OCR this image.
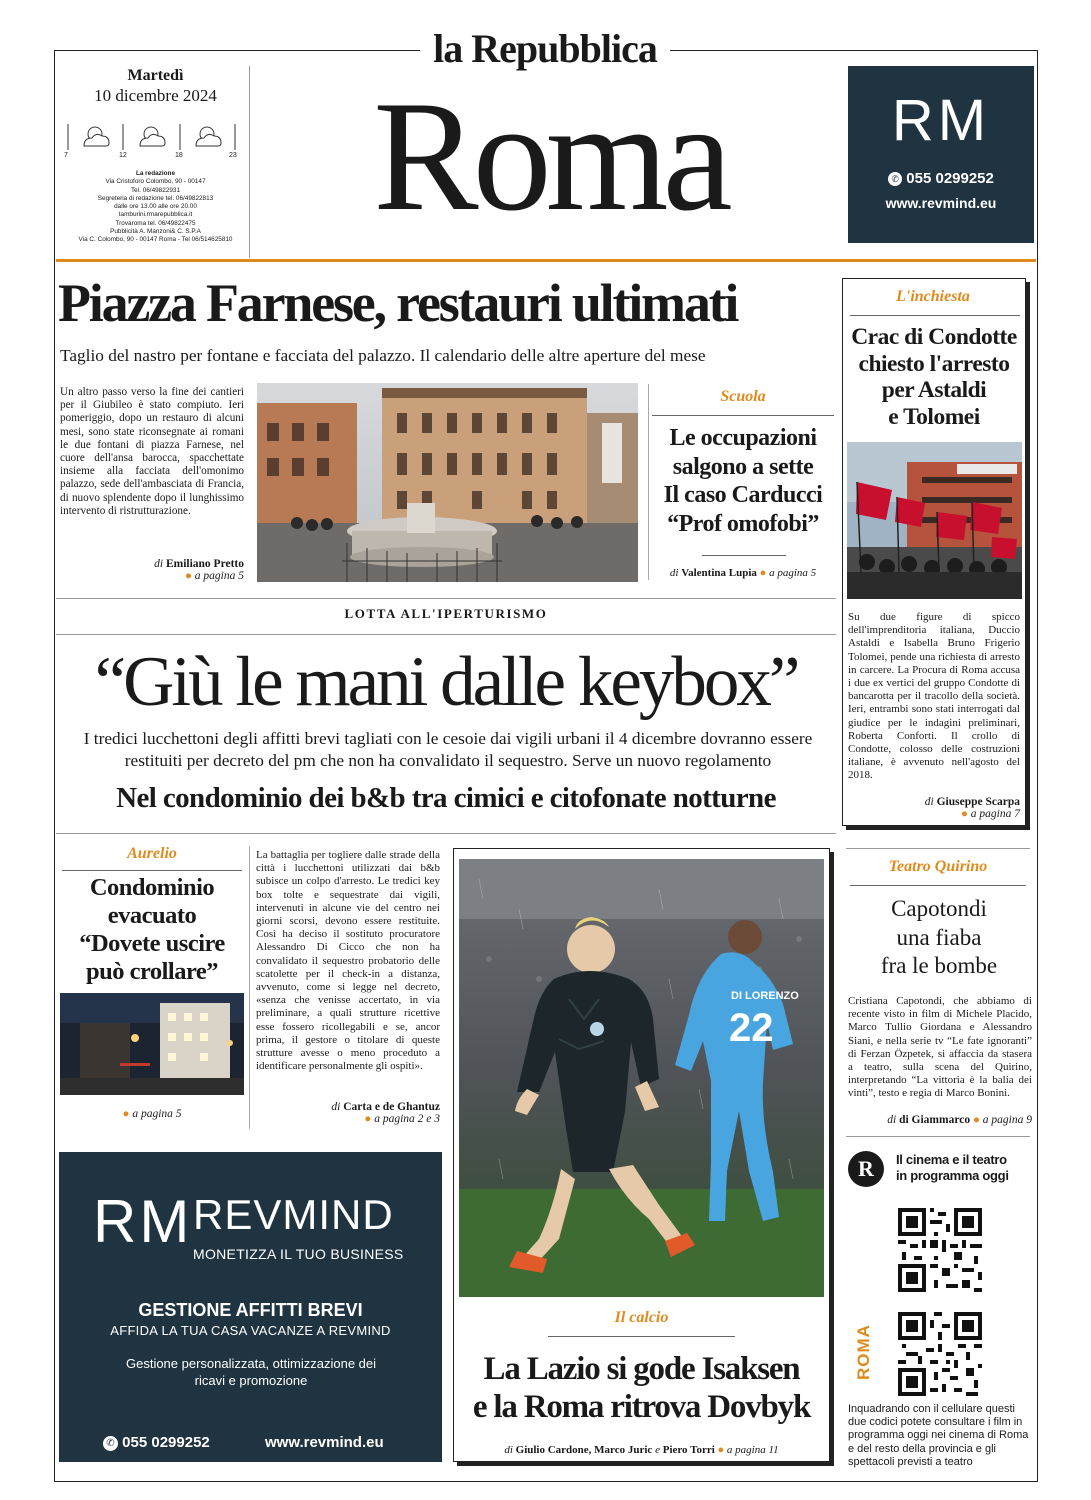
la Repubblica
Martedì
10 dicembre 2024
7	12	18	23
La redazione
Via Cristoforo Colombo, 90 - 00147
Tel. 06/49822931
Segreteria di redazione tel. 06/49822813
dalle ore 13.00 alle ore 20.00
tamburini.rmarepubblica.it
Trovaroma tel. 06/49822475
Pubblicità A. Manzoni& C. S.P.A
Via C. Colombo, 90 - 00147 Roma - Tel 06/514625810 Roma	RM
✆ 055 0299252
www.revmind.eu
Piazza Farnese, restauri ultimati
Taglio del nastro per fontane e facciata del palazzo. Il calendario delle altre aperture del mese
Un altro passo verso la fine dei cantieri per il Giubileo è stato compiuto. Ieri pomeriggio, dopo un restauro di alcuni mesi, sono state riconsegnate ai romani le due fontani di piazza Farnese, nel cuore dell'ansa barocca, spacchettate insieme alla facciata dell'omonimo palazzo, sede dell'ambasciata di Francia, di nuovo splendente dopo il lunghissimo intervento di ristrutturazione.
di Emiliano Pretto
● a pagina 5
Scuola
Le occupazioni
salgono a sette
Il caso Carducci
“Prof omofobi”
di Valentina Lupia ● a pagina 5
L'inchiesta
Crac di Condotte
chiesto l'arresto
per Astaldi
e Tolomei
Su due figure di spicco dell'imprenditoria italiana, Duccio Astaldi e Isabella Bruno Frigerio Tolomei, pende una richiesta di arresto in carcere. La Procura di Roma accusa i due ex vertici del gruppo Condotte di bancarotta per il tracollo della società. Ieri, entrambi sono stati interrogati dal giudice per le indagini preliminari, Roberta Conforti. Il crollo di Condotte, colosso delle costruzioni italiane, è avvenuto nell'agosto del 2018.
di Giuseppe Scarpa
● a pagina 7
LOTTA ALL'IPERTURISMO
“Giù le mani dalle keybox”
I tredici lucchettoni degli affitti brevi tagliati con le cesoie dai vigili urbani il 4 dicembre dovranno essere restituiti per decreto del pm che non ha convalidato il sequestro. Serve un nuovo regolamento
Nel condominio dei b&b tra cimici e citofonate notturne
Aurelio
Condominio
evacuato
“Dovete uscire
può crollare”
● a pagina 5
La battaglia per togliere dalle strade della città i lucchettoni utilizzati dai b&b subisce un colpo d'arresto. Le tredici key box tolte e sequestrate dai vigili, intervenuti in alcune vie del centro nei giorni scorsi, devono essere restituite. Così ha deciso il sostituto procuratore Alessandro Di Cicco che non ha convalidato il sequestro probatorio delle scatolette per il check-in a distanza, avvenuto, come si legge nel decreto, «senza che venisse accertato, in via preliminare, a quali strutture ricettive esse fossero ricollegabili e se, ancor prima, il gestore o titolare di queste strutture avesse o meno proceduto a identificare personalmente gli ospiti».
di Carta e de Ghantuz
● a pagina 2 e 3
RM REVMIND
MONETIZZA IL TUO BUSINESS
GESTIONE AFFITTI BREVI
AFFIDA LA TUA CASA VACANZE A REVMIND
Gestione personalizzata, ottimizzazione dei ricavi e promozione
✆ 055 0299252	www.revmind.eu
DI LORENZO
22
Il calcio
La Lazio si gode Isaksen
e la Roma ritrova Dovbyk
di Giulio Cardone, Marco Juric e Piero Torri ● a pagina 11
Teatro Quirino
Capotondi
una fiaba
fra le bombe
Cristiana Capotondi, che abbiamo di recente visto in film di Michele Placido, Marco Tullio Giordana e Alessandro Siani, e nella serie tv “Le fate ignoranti” di Ferzan Özpetek, si affaccia da stasera a teatro, sulla scena del Quirino, interpretando “La vittoria è la balia dei vinti”, testo e regia di Marco Bonini.
di di Giammarco ● a pagina 9
R	Il cinema e il teatro
in programma oggi
ROMA
Inquadrando con il cellulare questi due codici potete consultare i film in programma oggi nei cinema di Roma e del resto della provincia e gli spettacoli previsti a teatro
